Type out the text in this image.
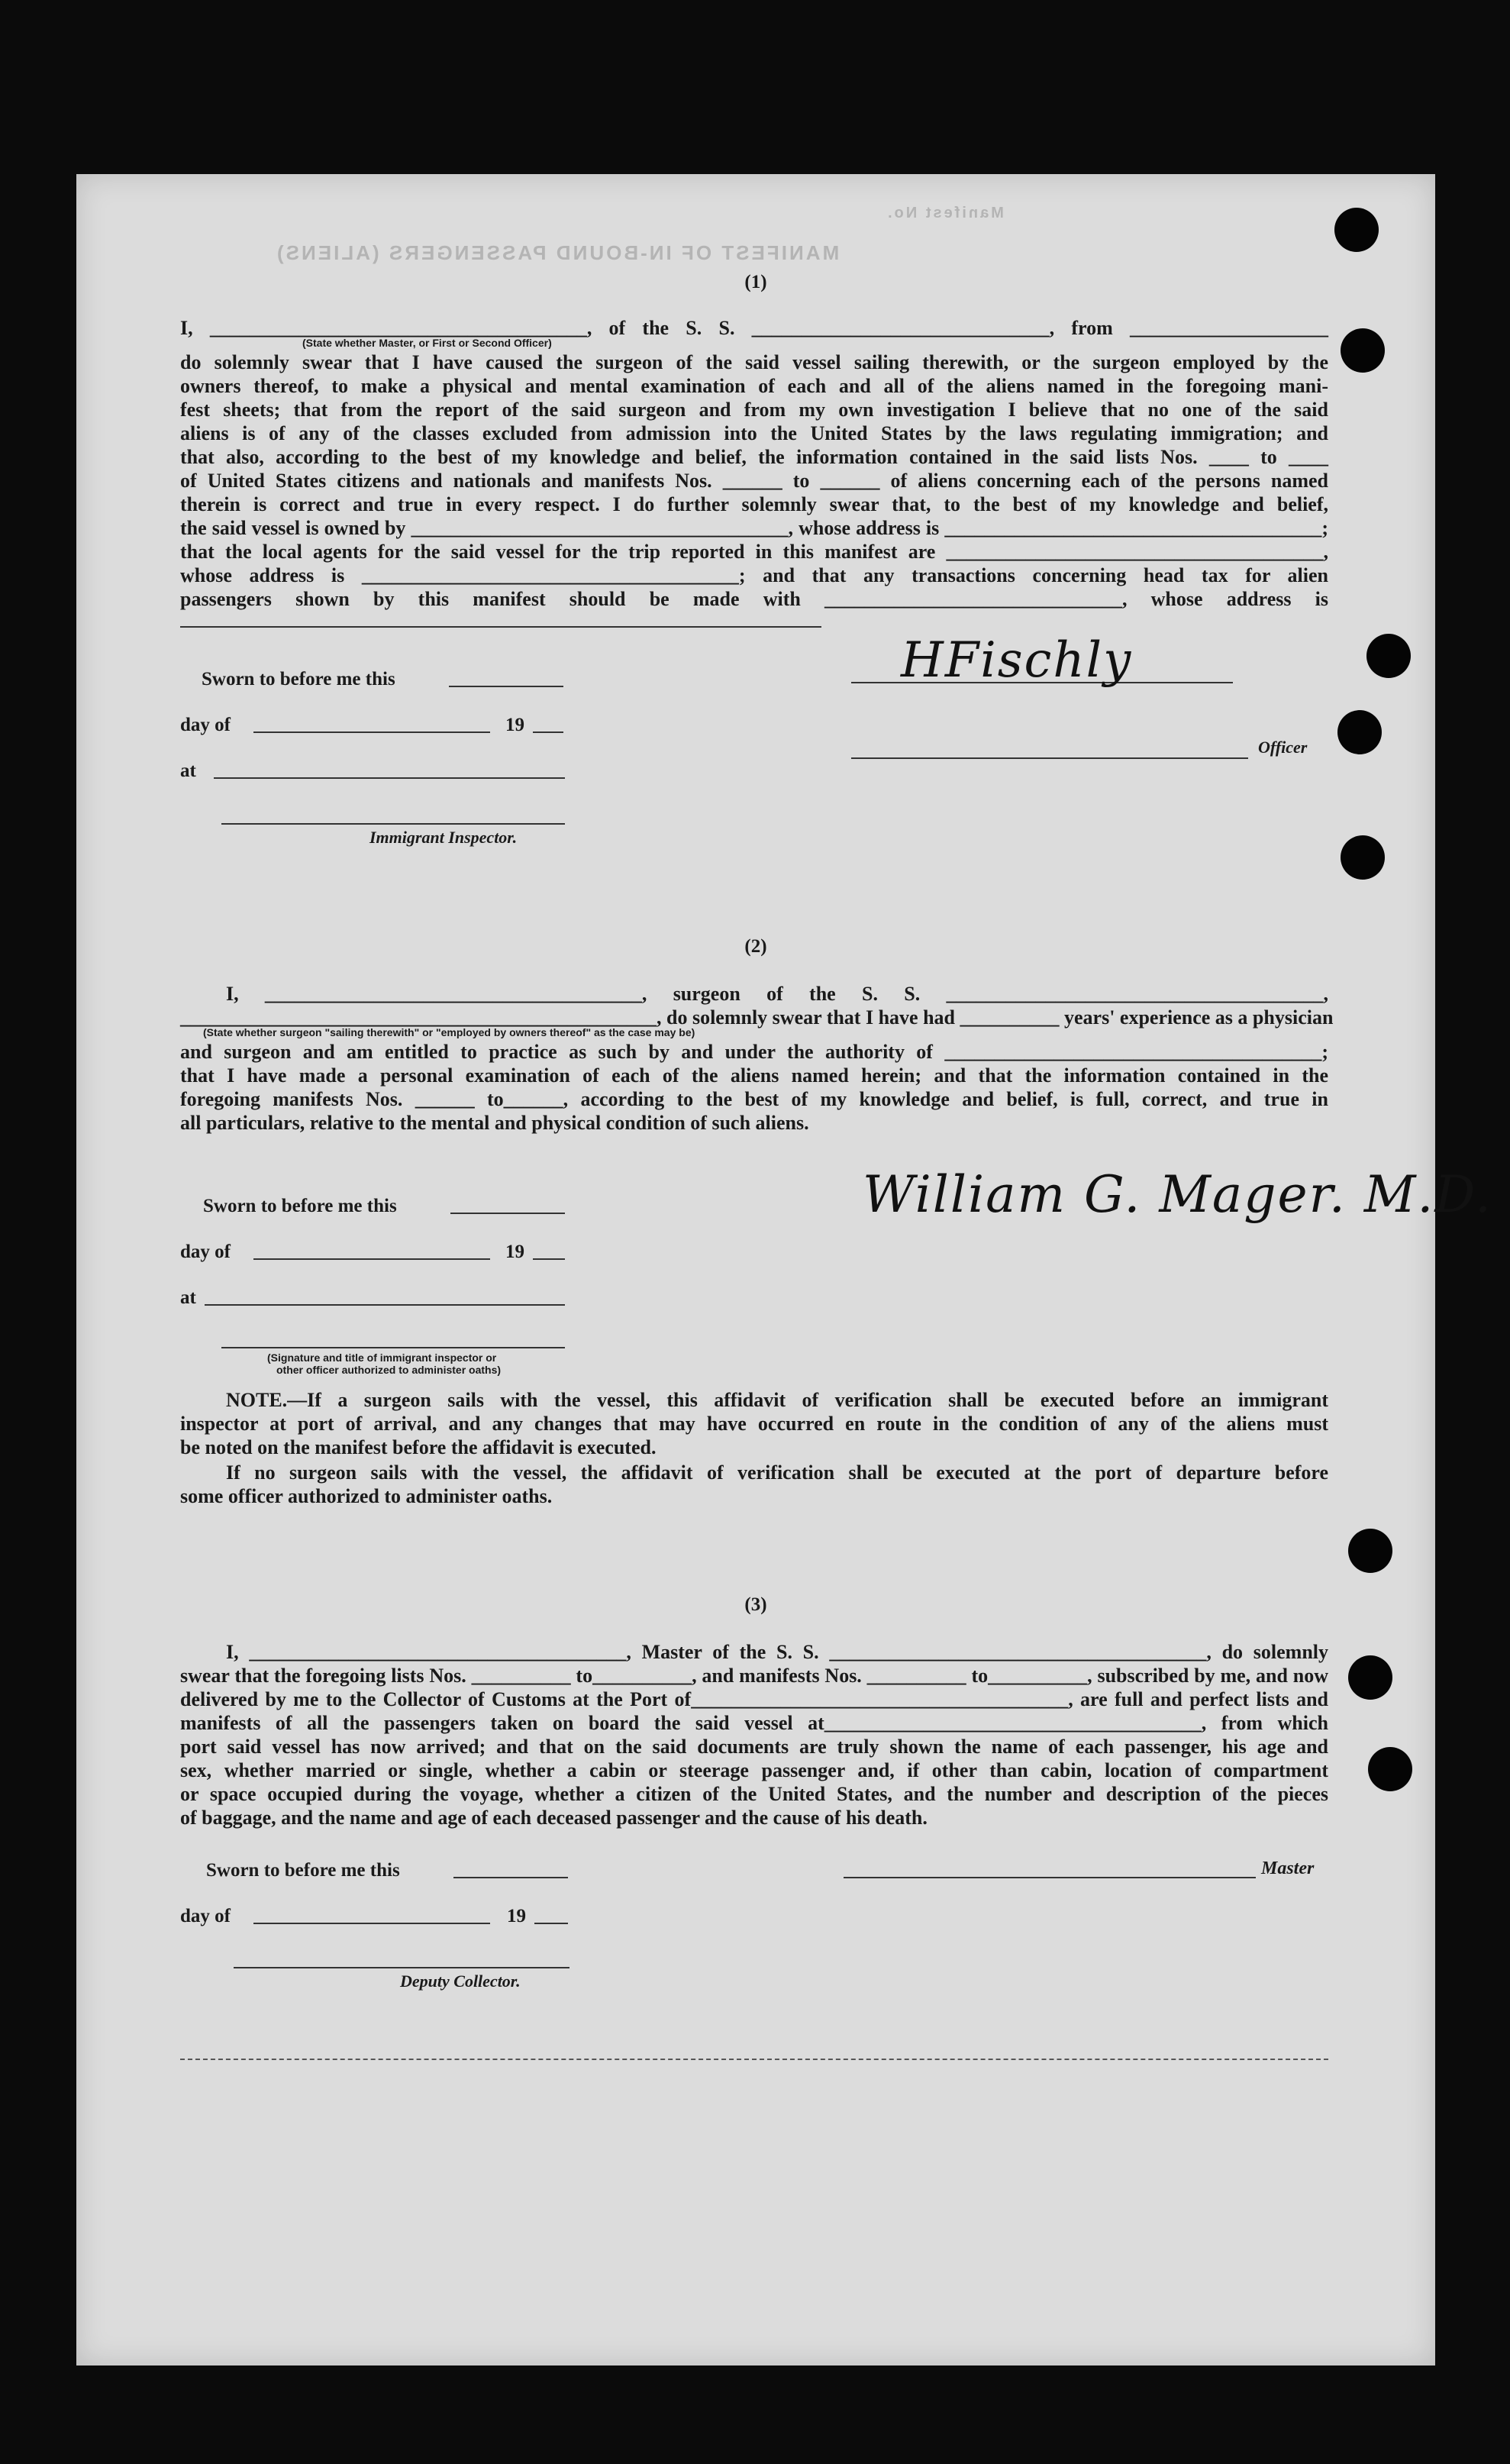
MANIFEST OF IN-BOUND PASSENGERS (ALIENS)
Manifest No.
(1)
I, ______________________________________, of the S. S. ______________________________, from ____________________
(State whether Master, or First or Second Officer)
do solemnly swear that I have caused the surgeon of the said vessel sailing therewith, or the surgeon employed by the
owners thereof, to make a physical and mental examination of each and all of the aliens named in the foregoing mani-
fest sheets; that from the report of the said surgeon and from my own investigation I believe that no one of the said
aliens is of any of the classes excluded from admission into the United States by the laws regulating immigration; and
that also, according to the best of my knowledge and belief, the information contained in the said lists Nos. ____ to ____
of United States citizens and nationals and manifests Nos. ______ to ______ of aliens concerning each of the persons named
therein is correct and true in every respect. I do further solemnly swear that, to the best of my knowledge and belief,
the said vessel is owned by ______________________________________, whose address is ______________________________________;
that the local agents for the said vessel for the trip reported in this manifest are ______________________________________,
whose address is ______________________________________; and that any transactions concerning head tax for alien
passengers shown by this manifest should be made with ______________________________, whose address is
Sworn to before me this
day of	19
at
Immigrant Inspector.
HFischly
Officer
(2)
I, ______________________________________, surgeon of the S. S. ______________________________________,
________________________________________________, do solemnly swear that I have had __________ years' experience as a physician
(State whether surgeon "sailing therewith" or "employed by owners thereof" as the case may be)
and surgeon and am entitled to practice as such by and under the authority of ______________________________________;
that I have made a personal examination of each of the aliens named herein; and that the information contained in the
foregoing manifests Nos. ______ to______, according to the best of my knowledge and belief, is full, correct, and true in
all particulars, relative to the mental and physical condition of such aliens.
Sworn to before me this
day of	19
at
(Signature and title of immigrant inspector or
other officer authorized to administer oaths)
William G. Mager. M.D.
NOTE.—If a surgeon sails with the vessel, this affidavit of verification shall be executed before an immigrant
inspector at port of arrival, and any changes that may have occurred en route in the condition of any of the aliens must
be noted on the manifest before the affidavit is executed.
If no surgeon sails with the vessel, the affidavit of verification shall be executed at the port of departure before
some officer authorized to administer oaths.
(3)
I, ______________________________________, Master of the S. S. ______________________________________, do solemnly
swear that the foregoing lists Nos. __________ to__________, and manifests Nos. __________ to__________, subscribed by me, and now
delivered by me to the Collector of Customs at the Port of______________________________________, are full and perfect lists and
manifests of all the passengers taken on board the said vessel at______________________________________, from which
port said vessel has now arrived; and that on the said documents are truly shown the name of each passenger, his age and
sex, whether married or single, whether a cabin or steerage passenger and, if other than cabin, location of compartment
or space occupied during the voyage, whether a citizen of the United States, and the number and description of the pieces
of baggage, and the name and age of each deceased passenger and the cause of his death.
Sworn to before me this
day of	19
Deputy Collector.
Master
